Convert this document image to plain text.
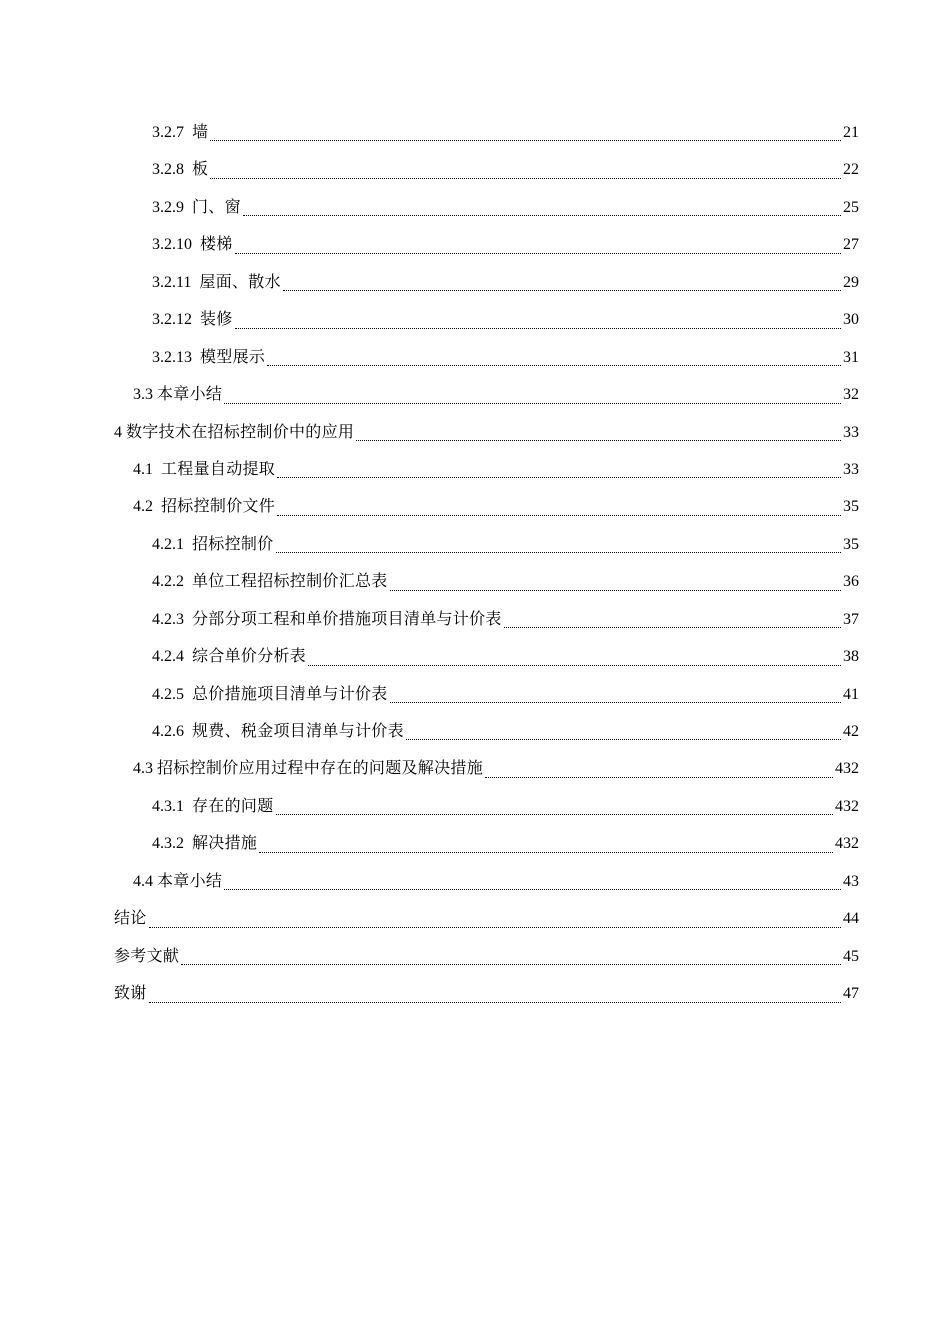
3.2.7 墙	21
3.2.8 板	22
3.2.9 门、窗	25
3.2.10 楼梯	27
3.2.11 屋面、散水	29
3.2.12 装修	30
3.2.13 模型展示	31
3.3 本章小结	32
4 数字技术在招标控制价中的应用	33
4.1 工程量自动提取	33
4.2 招标控制价文件	35
4.2.1 招标控制价	35
4.2.2 单位工程招标控制价汇总表	36
4.2.3 分部分项工程和单价措施项目清单与计价表	37
4.2.4 综合单价分析表	38
4.2.5 总价措施项目清单与计价表	41
4.2.6 规费、税金项目清单与计价表	42
4.3 招标控制价应用过程中存在的问题及解决措施	432
4.3.1 存在的问题	432
4.3.2 解决措施	432
4.4 本章小结	43
结论	44
参考文献	45
致谢	47
